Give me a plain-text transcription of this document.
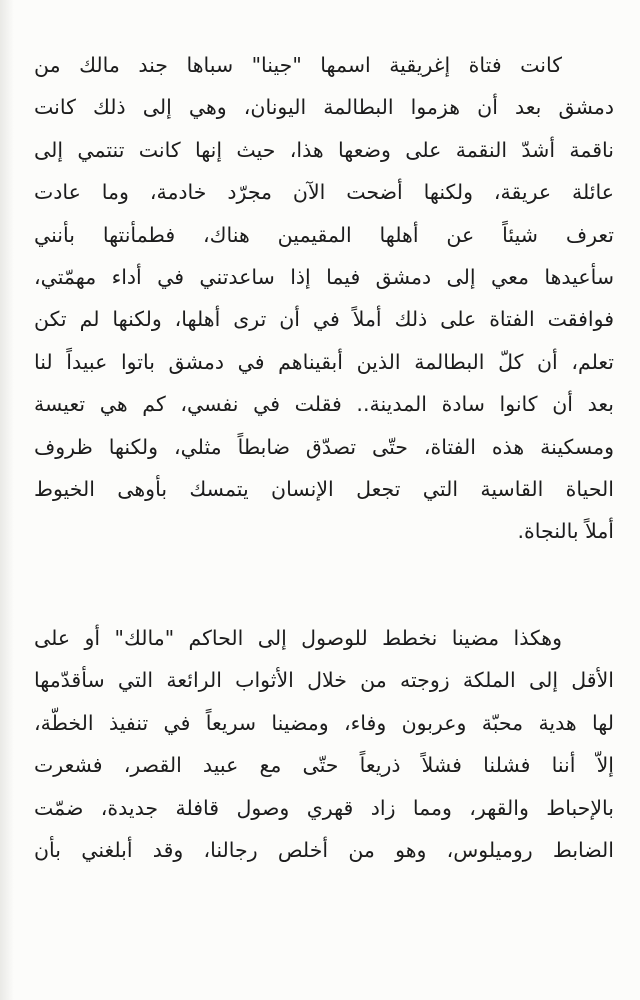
كانت فتاة إغريقية اسمها "جينا" سباها جند مالك من
دمشق بعد أن هزموا البطالمة اليونان، وهي إلى ذلك كانت
ناقمة أشدّ النقمة على وضعها هذا، حيث إنها كانت تنتمي إلى
عائلة عريقة، ولكنها أضحت الآن مجرّد خادمة، وما عادت
تعرف شيئاً عن أهلها المقيمين هناك، فطمأنتها بأنني
سأعيدها معي إلى دمشق فيما إذا ساعدتني في أداء مهمّتي،
فوافقت الفتاة على ذلك أملاً في أن ترى أهلها، ولكنها لم تكن
تعلم، أن كلّ البطالمة الذين أبقيناهم في دمشق باتوا عبيداً لنا
بعد أن كانوا سادة المدينة.. فقلت في نفسي، كم هي تعيسة
ومسكينة هذه الفتاة، حتّى تصدّق ضابطاً مثلي، ولكنها ظروف
الحياة القاسية التي تجعل الإنسان يتمسك بأوهى الخيوط
أملاً بالنجاة.
وهكذا مضينا نخطط للوصول إلى الحاكم "مالك" أو على
الأقل إلى الملكة زوجته من خلال الأثواب الرائعة التي سأقدّمها
لها هدية محبّة وعربون وفاء، ومضينا سريعاً في تنفيذ الخطّة،
إلاّ أننا فشلنا فشلاً ذريعاً حتّى مع عبيد القصر، فشعرت
بالإحباط والقهر، ومما زاد قهري وصول قافلة جديدة، ضمّت
الضابط روميلوس، وهو من أخلص رجالنا، وقد أبلغني بأن
